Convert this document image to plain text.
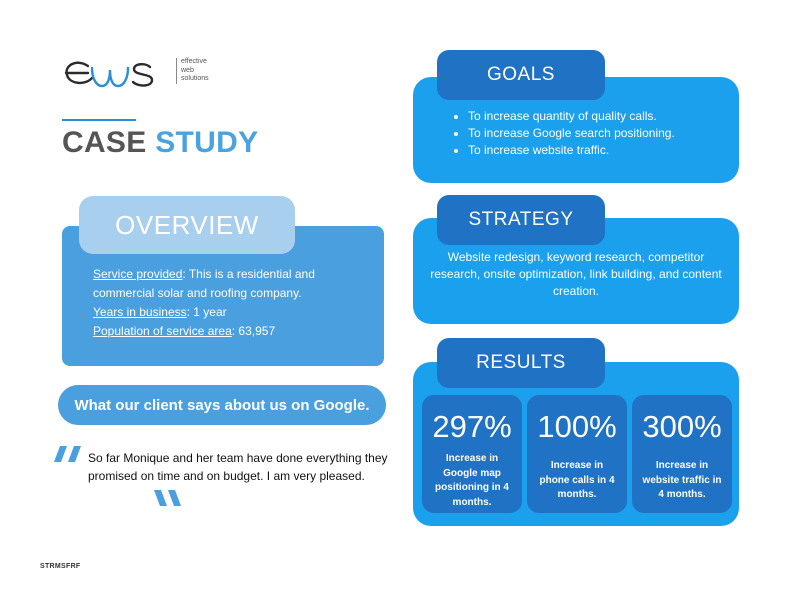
effective
web
solutions
CASE STUDY
OVERVIEW
Service provided: This is a residential and commercial solar and roofing company.
Years in business: 1 year
Population of service area: 63,957
What our client says about us on Google.
So far Monique and her team have done everything they promised on time and on budget. I am very pleased.
STRMSFRF
GOALS
• To increase quantity of quality calls.
• To increase Google search positioning.
• To increase website traffic.
STRATEGY
Website redesign, keyword research, competitor research, onsite optimization, link building, and content creation.
RESULTS
297%
Increase in Google map positioning in 4 months.
100%
Increase in phone calls in 4 months.
300%
Increase in website traffic in 4 months.
